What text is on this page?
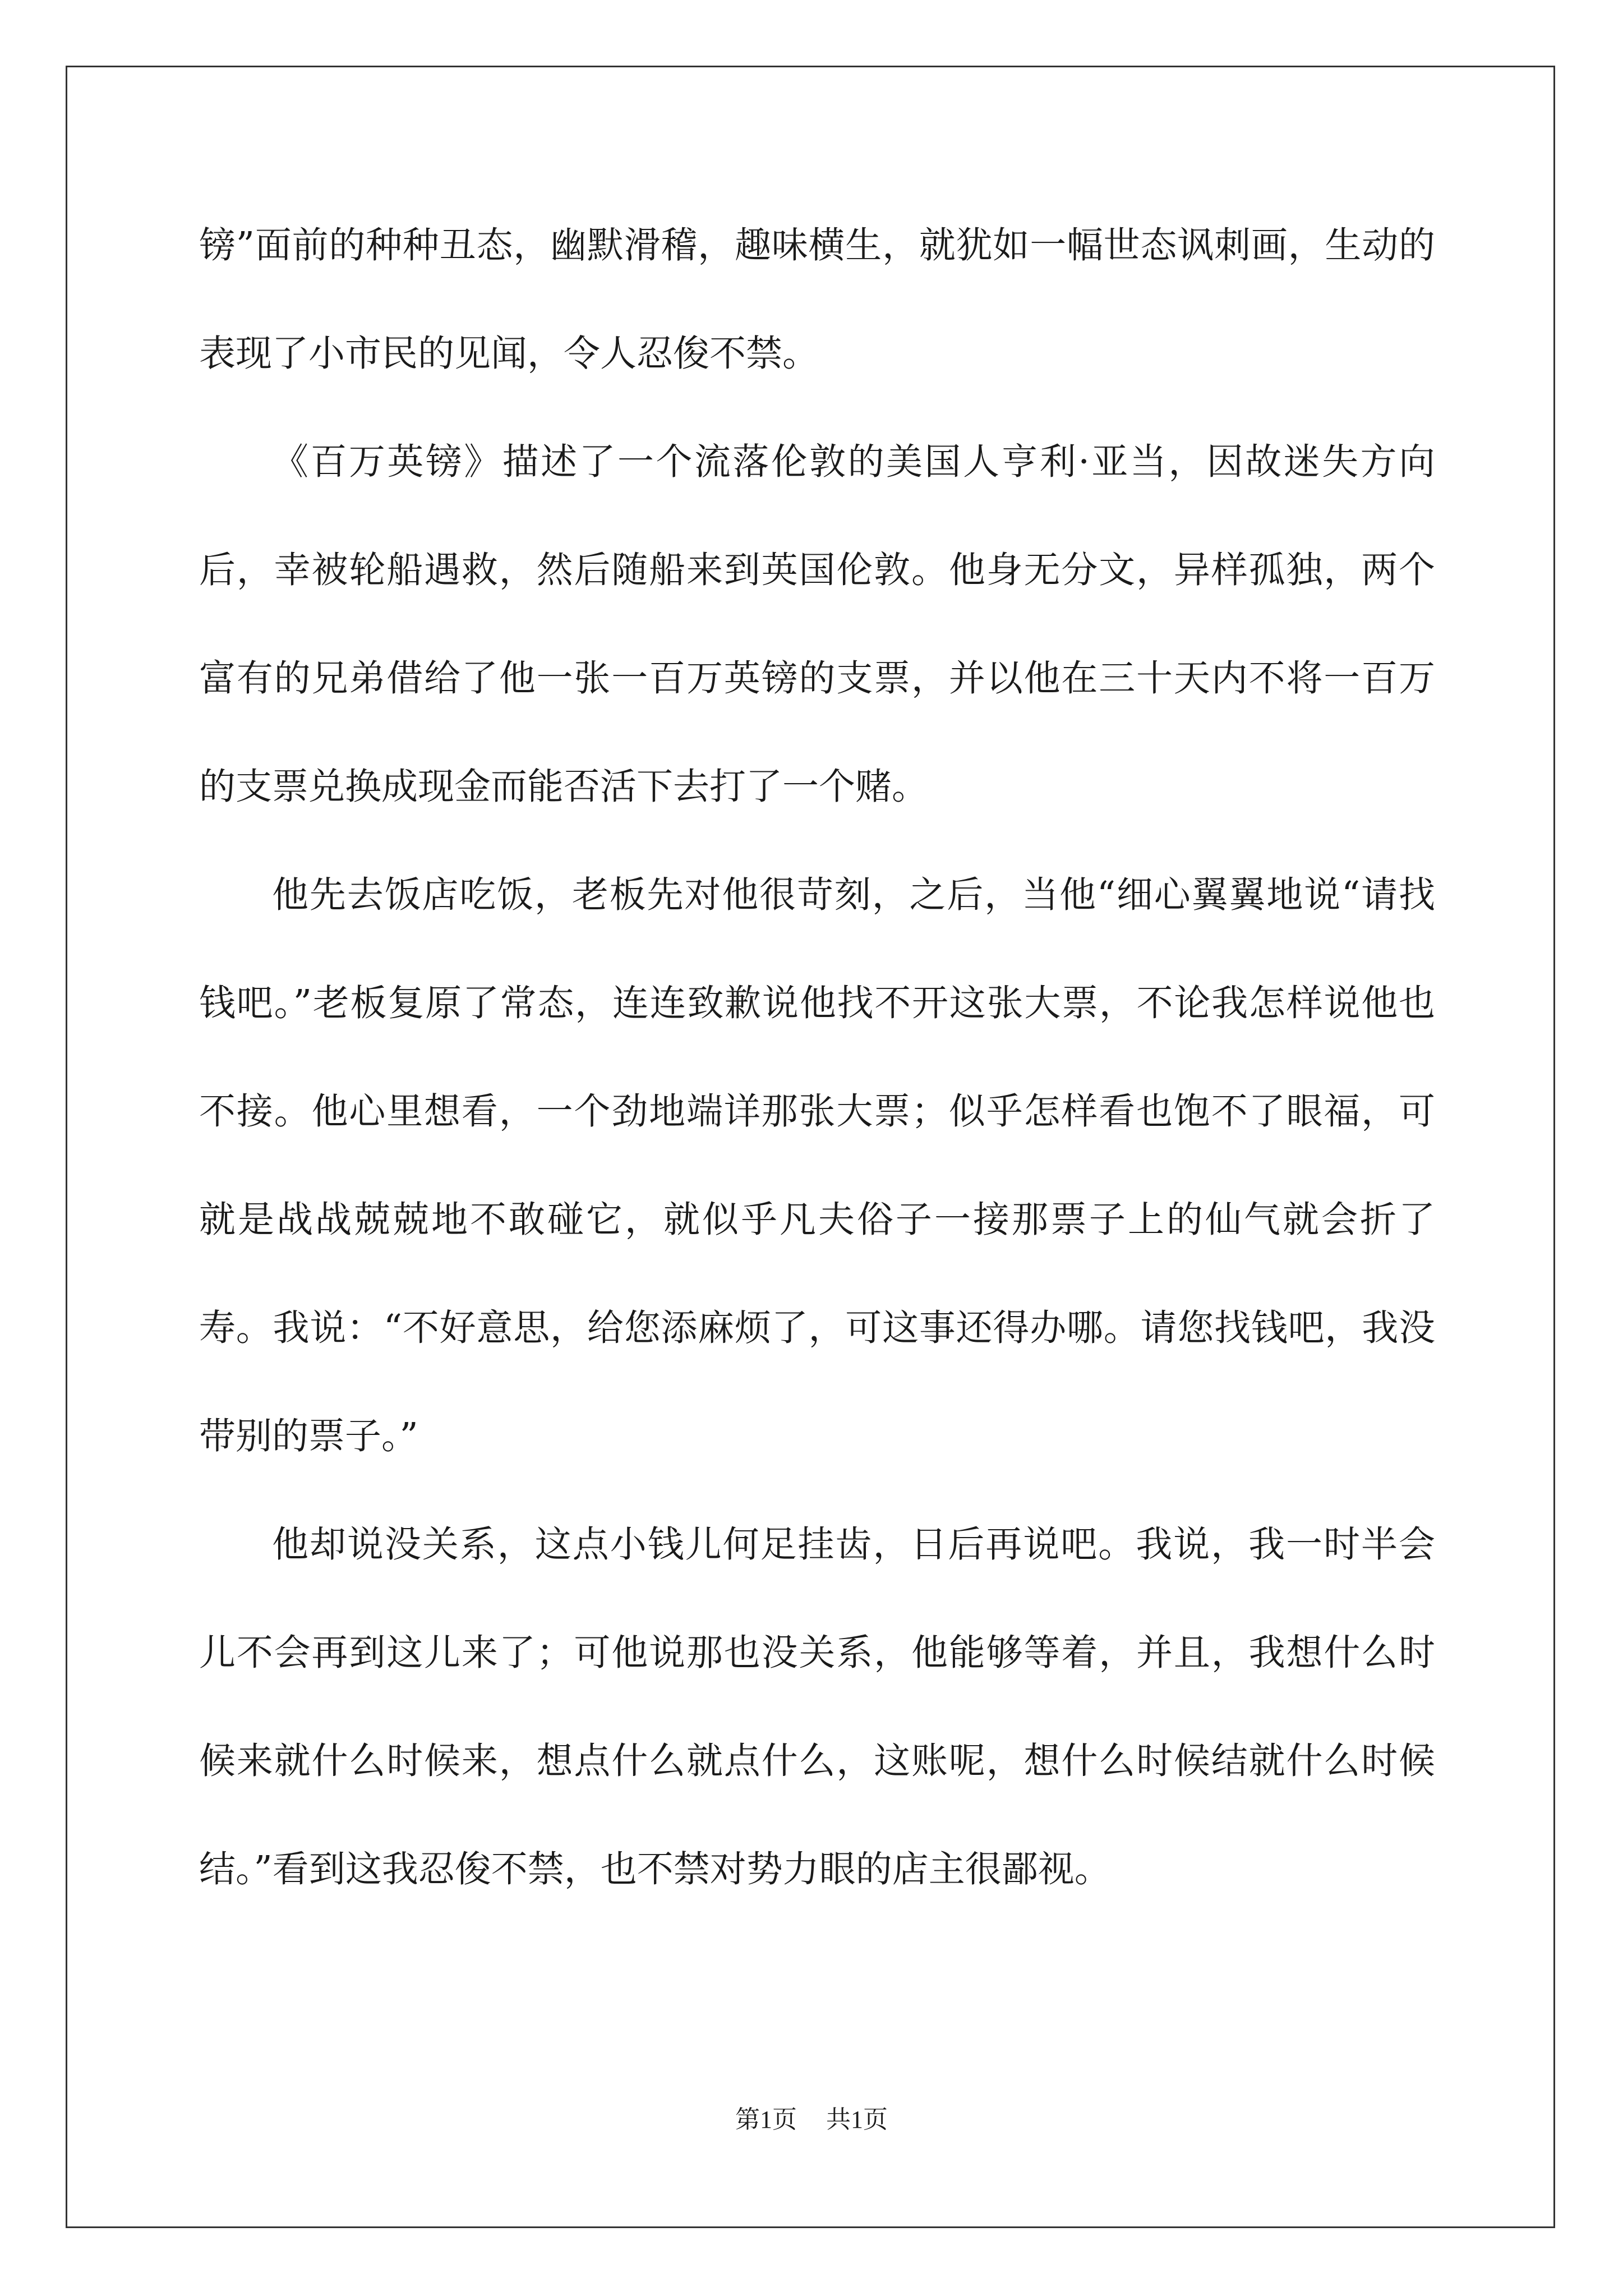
镑”面前的种种丑态，幽默滑稽，趣味横生，就犹如一幅世态讽刺画，生动的表现了小市民的见闻，令人忍俊不禁。

《百万英镑》描述了一个流落伦敦的美国人亨利·亚当，因故迷失方向后，幸被轮船遇救，然后随船来到英国伦敦。他身无分文，异样孤独，两个富有的兄弟借给了他一张一百万英镑的支票，并以他在三十天内不将一百万的支票兑换成现金而能否活下去打了一个赌。

他先去饭店吃饭，老板先对他很苛刻，之后，当他“细心翼翼地说“请找钱吧。”老板复原了常态，连连致歉说他找不开这张大票，不论我怎样说他也不接。他心里想看，一个劲地端详那张大票；似乎怎样看也饱不了眼福，可就是战战兢兢地不敢碰它，就似乎凡夫俗子一接那票子上的仙气就会折了寿。我说：“不好意思，给您添麻烦了，可这事还得办哪。请您找钱吧，我没带别的票子。”

他却说没关系，这点小钱儿何足挂齿，日后再说吧。我说，我一时半会儿不会再到这儿来了；可他说那也没关系，他能够等着，并且，我想什么时候来就什么时候来，想点什么就点什么，这账呢，想什么时候结就什么时候结。”看到这我忍俊不禁，也不禁对势力眼的店主很鄙视。

第1页 共1页
